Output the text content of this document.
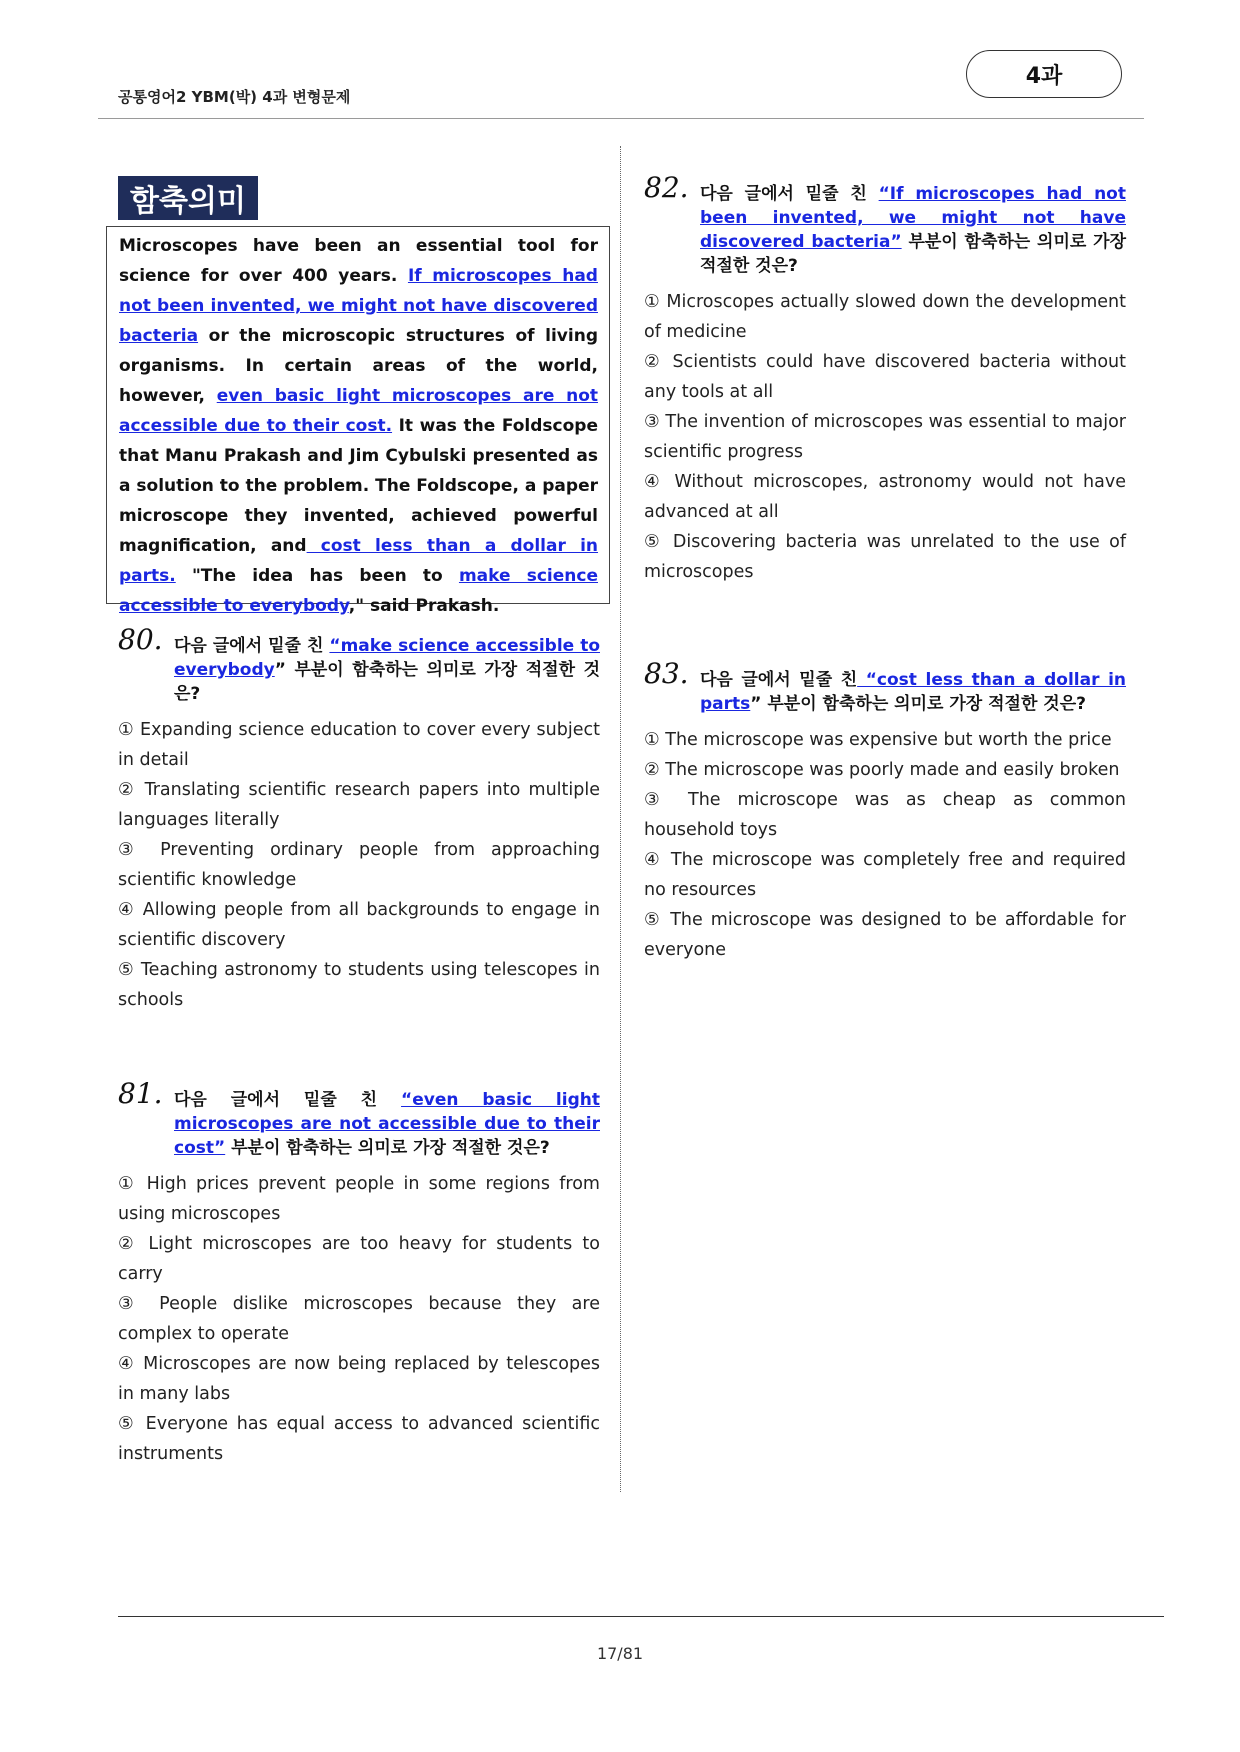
공통영어2 YBM(박) 4과 변형문제
4과
함축의미

Microscopes have been an essential tool for science for over 400 years. If microscopes had not been invented, we might not have discovered bacteria or the microscopic structures of living organisms. In certain areas of the world, however, even basic light microscopes are not accessible due to their cost. It was the Foldscope that Manu Prakash and Jim Cybulski presented as a solution to the problem. The Foldscope, a paper microscope they invented, achieved powerful magnification, and cost less than a dollar in parts. "The idea has been to make science accessible to everybody," said Prakash.

80. 다음 글에서 밑줄 친 “make science accessible to everybody” 부분이 함축하는 의미로 가장 적절한 것은?

① Expanding science education to cover every subject in detail

② Translating scientific research papers into multiple languages literally

③ Preventing ordinary people from approaching scientific knowledge

④ Allowing people from all backgrounds to engage in scientific discovery

⑤ Teaching astronomy to students using telescopes in schools

81. 다음 글에서 밑줄 친 “even basic light microscopes are not accessible due to their cost” 부분이 함축하는 의미로 가장 적절한 것은?

① High prices prevent people in some regions from using microscopes

② Light microscopes are too heavy for students to carry

③ People dislike microscopes because they are complex to operate

④ Microscopes are now being replaced by telescopes in many labs

⑤ Everyone has equal access to advanced scientific instruments

82. 다음 글에서 밑줄 친 “If microscopes had not been invented, we might not have discovered bacteria” 부분이 함축하는 의미로 가장 적절한 것은?

① Microscopes actually slowed down the development of medicine

② Scientists could have discovered bacteria without any tools at all

③ The invention of microscopes was essential to major scientific progress

④ Without microscopes, astronomy would not have advanced at all

⑤ Discovering bacteria was unrelated to the use of microscopes

83. 다음 글에서 밑줄 친 “cost less than a dollar in parts” 부분이 함축하는 의미로 가장 적절한 것은?

① The microscope was expensive but worth the price

② The microscope was poorly made and easily broken

③ The microscope was as cheap as common household toys

④ The microscope was completely free and required no resources

⑤ The microscope was designed to be affordable for everyone

17/81
